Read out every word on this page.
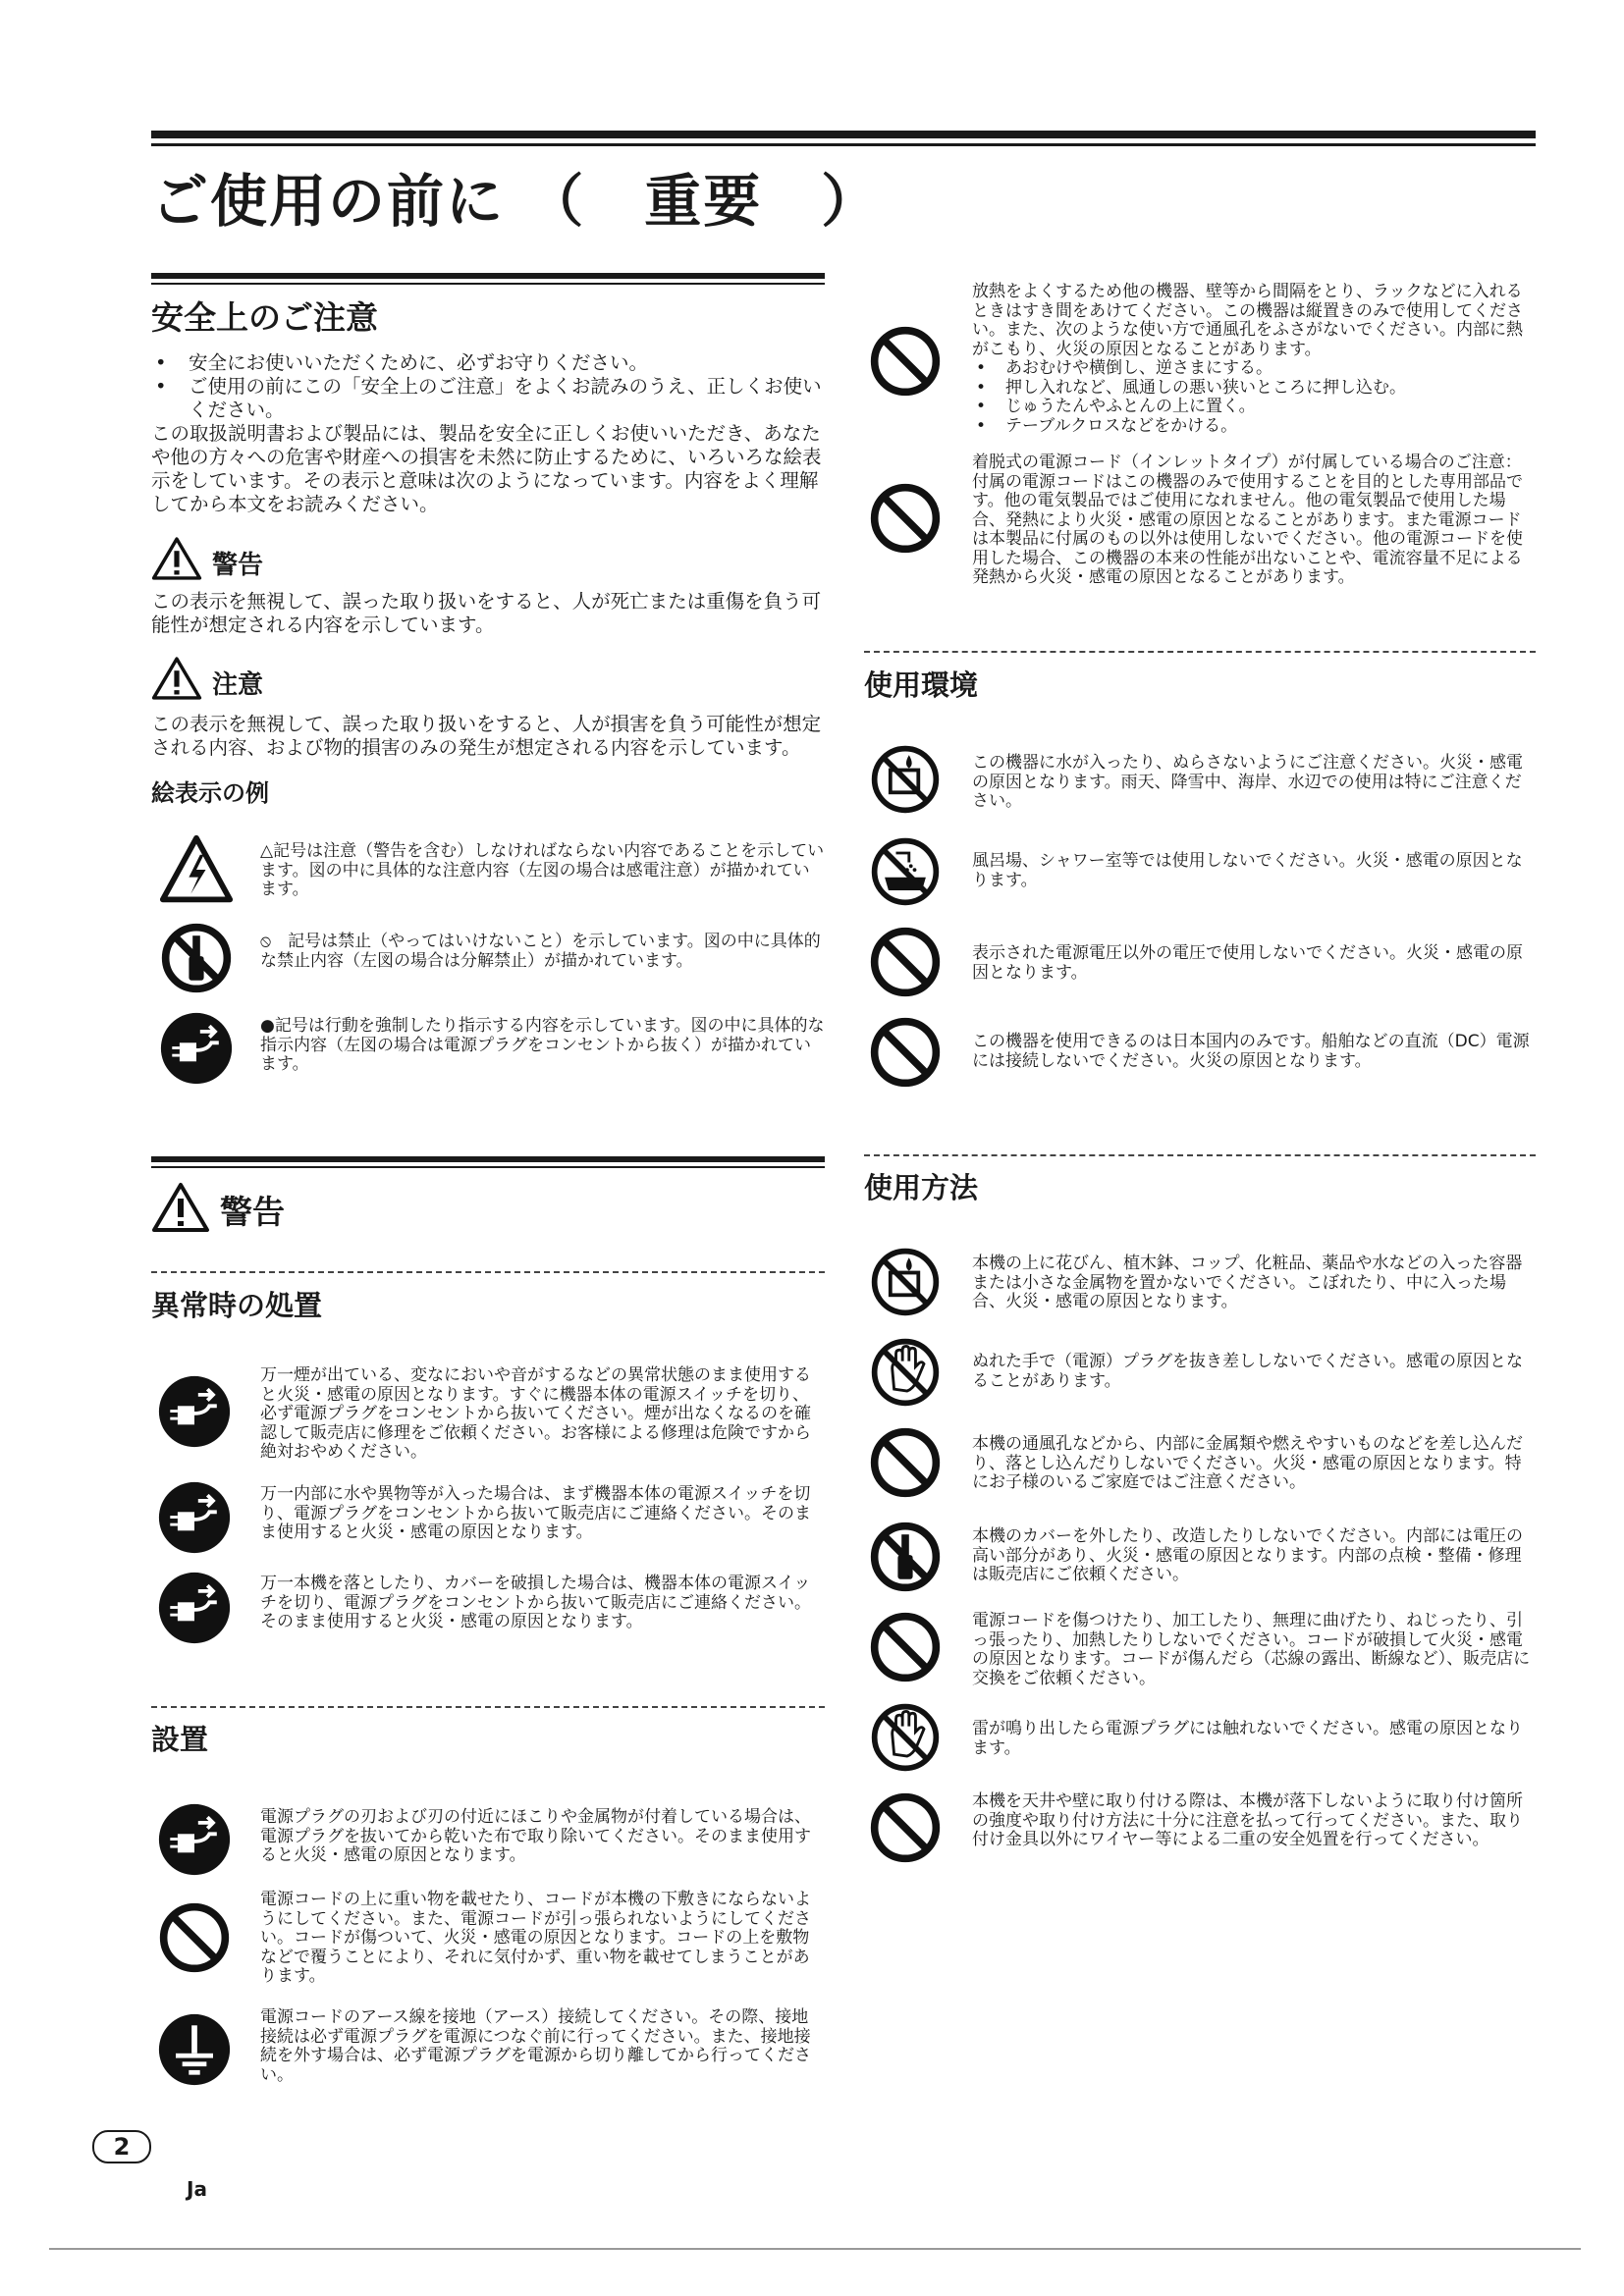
ご使用の前に （　重要　）
安全上のご注意
• 安全にお使いいただくために、必ずお守りください。
• ご使用の前にこの「安全上のご注意」をよくお読みのうえ、正しくお使いください。
この取扱説明書および製品には、製品を安全に正しくお使いいただき、あなたや他の方々への危害や財産への損害を未然に防止するために、いろいろな絵表示をしています。その表示と意味は次のようになっています。内容をよく理解してから本文をお読みください。
警告
この表示を無視して、誤った取り扱いをすると、人が死亡または重傷を負う可能性が想定される内容を示しています。
注意
この表示を無視して、誤った取り扱いをすると、人が損害を負う可能性が想定される内容、および物的損害のみの発生が想定される内容を示しています。
絵表示の例
△記号は注意（警告を含む）しなければならない内容であることを示しています。図の中に具体的な注意内容（左図の場合は感電注意）が描かれています。
⦸　記号は禁止（やってはいけないこと）を示しています。図の中に具体的な禁止内容（左図の場合は分解禁止）が描かれています。
●記号は行動を強制したり指示する内容を示しています。図の中に具体的な指示内容（左図の場合は電源プラグをコンセントから抜く）が描かれています。
警告
異常時の処置
万一煙が出ている、変なにおいや音がするなどの異常状態のまま使用すると火災・感電の原因となります。すぐに機器本体の電源スイッチを切り、必ず電源プラグをコンセントから抜いてください。煙が出なくなるのを確認して販売店に修理をご依頼ください。お客様による修理は危険ですから絶対おやめください。
万一内部に水や異物等が入った場合は、まず機器本体の電源スイッチを切り、電源プラグをコンセントから抜いて販売店にご連絡ください。そのまま使用すると火災・感電の原因となります。
万一本機を落としたり、カバーを破損した場合は、機器本体の電源スイッチを切り、電源プラグをコンセントから抜いて販売店にご連絡ください。そのまま使用すると火災・感電の原因となります。
設置
電源プラグの刃および刃の付近にほこりや金属物が付着している場合は、電源プラグを抜いてから乾いた布で取り除いてください。そのまま使用すると火災・感電の原因となります。
電源コードの上に重い物を載せたり、コードが本機の下敷きにならないようにしてください。また、電源コードが引っ張られないようにしてください。コードが傷ついて、火災・感電の原因となります。コードの上を敷物などで覆うことにより、それに気付かず、重い物を載せてしまうことがあります。
電源コードのアース線を接地（アース）接続してください。その際、接地接続は必ず電源プラグを電源につなぐ前に行ってください。また、接地接続を外す場合は、必ず電源プラグを電源から切り離してから行ってください。
放熱をよくするため他の機器、壁等から間隔をとり、ラックなどに入れるときはすき間をあけてください。この機器は縦置きのみで使用してください。また、次のような使い方で通風孔をふさがないでください。内部に熱がこもり、火災の原因となることがあります。
• あおむけや横倒し、逆さまにする。
• 押し入れなど、風通しの悪い狭いところに押し込む。
• じゅうたんやふとんの上に置く。
• テーブルクロスなどをかける。
着脱式の電源コード（インレットタイプ）が付属している場合のご注意：付属の電源コードはこの機器のみで使用することを目的とした専用部品です。他の電気製品ではご使用になれません。他の電気製品で使用した場合、発熱により火災・感電の原因となることがあります。また電源コードは本製品に付属のもの以外は使用しないでください。他の電源コードを使用した場合、この機器の本来の性能が出ないことや、電流容量不足による発熱から火災・感電の原因となることがあります。
使用環境
この機器に水が入ったり、ぬらさないようにご注意ください。火災・感電の原因となります。雨天、降雪中、海岸、水辺での使用は特にご注意ください。
風呂場、シャワー室等では使用しないでください。火災・感電の原因となります。
表示された電源電圧以外の電圧で使用しないでください。火災・感電の原因となります。
この機器を使用できるのは日本国内のみです。船舶などの直流（DC）電源には接続しないでください。火災の原因となります。
使用方法
本機の上に花びん、植木鉢、コップ、化粧品、薬品や水などの入った容器または小さな金属物を置かないでください。こぼれたり、中に入った場合、火災・感電の原因となります。
ぬれた手で（電源）プラグを抜き差ししないでください。感電の原因となることがあります。
本機の通風孔などから、内部に金属類や燃えやすいものなどを差し込んだり、落とし込んだりしないでください。火災・感電の原因となります。特にお子様のいるご家庭ではご注意ください。
本機のカバーを外したり、改造したりしないでください。内部には電圧の高い部分があり、火災・感電の原因となります。内部の点検・整備・修理は販売店にご依頼ください。
電源コードを傷つけたり、加工したり、無理に曲げたり、ねじったり、引っ張ったり、加熱したりしないでください。コードが破損して火災・感電の原因となります。コードが傷んだら（芯線の露出、断線など）、販売店に交換をご依頼ください。
雷が鳴り出したら電源プラグには触れないでください。感電の原因となります。
本機を天井や壁に取り付ける際は、本機が落下しないように取り付け箇所の強度や取り付け方法に十分に注意を払って行ってください。また、取り付け金具以外にワイヤー等による二重の安全処置を行ってください。
2
Ja
